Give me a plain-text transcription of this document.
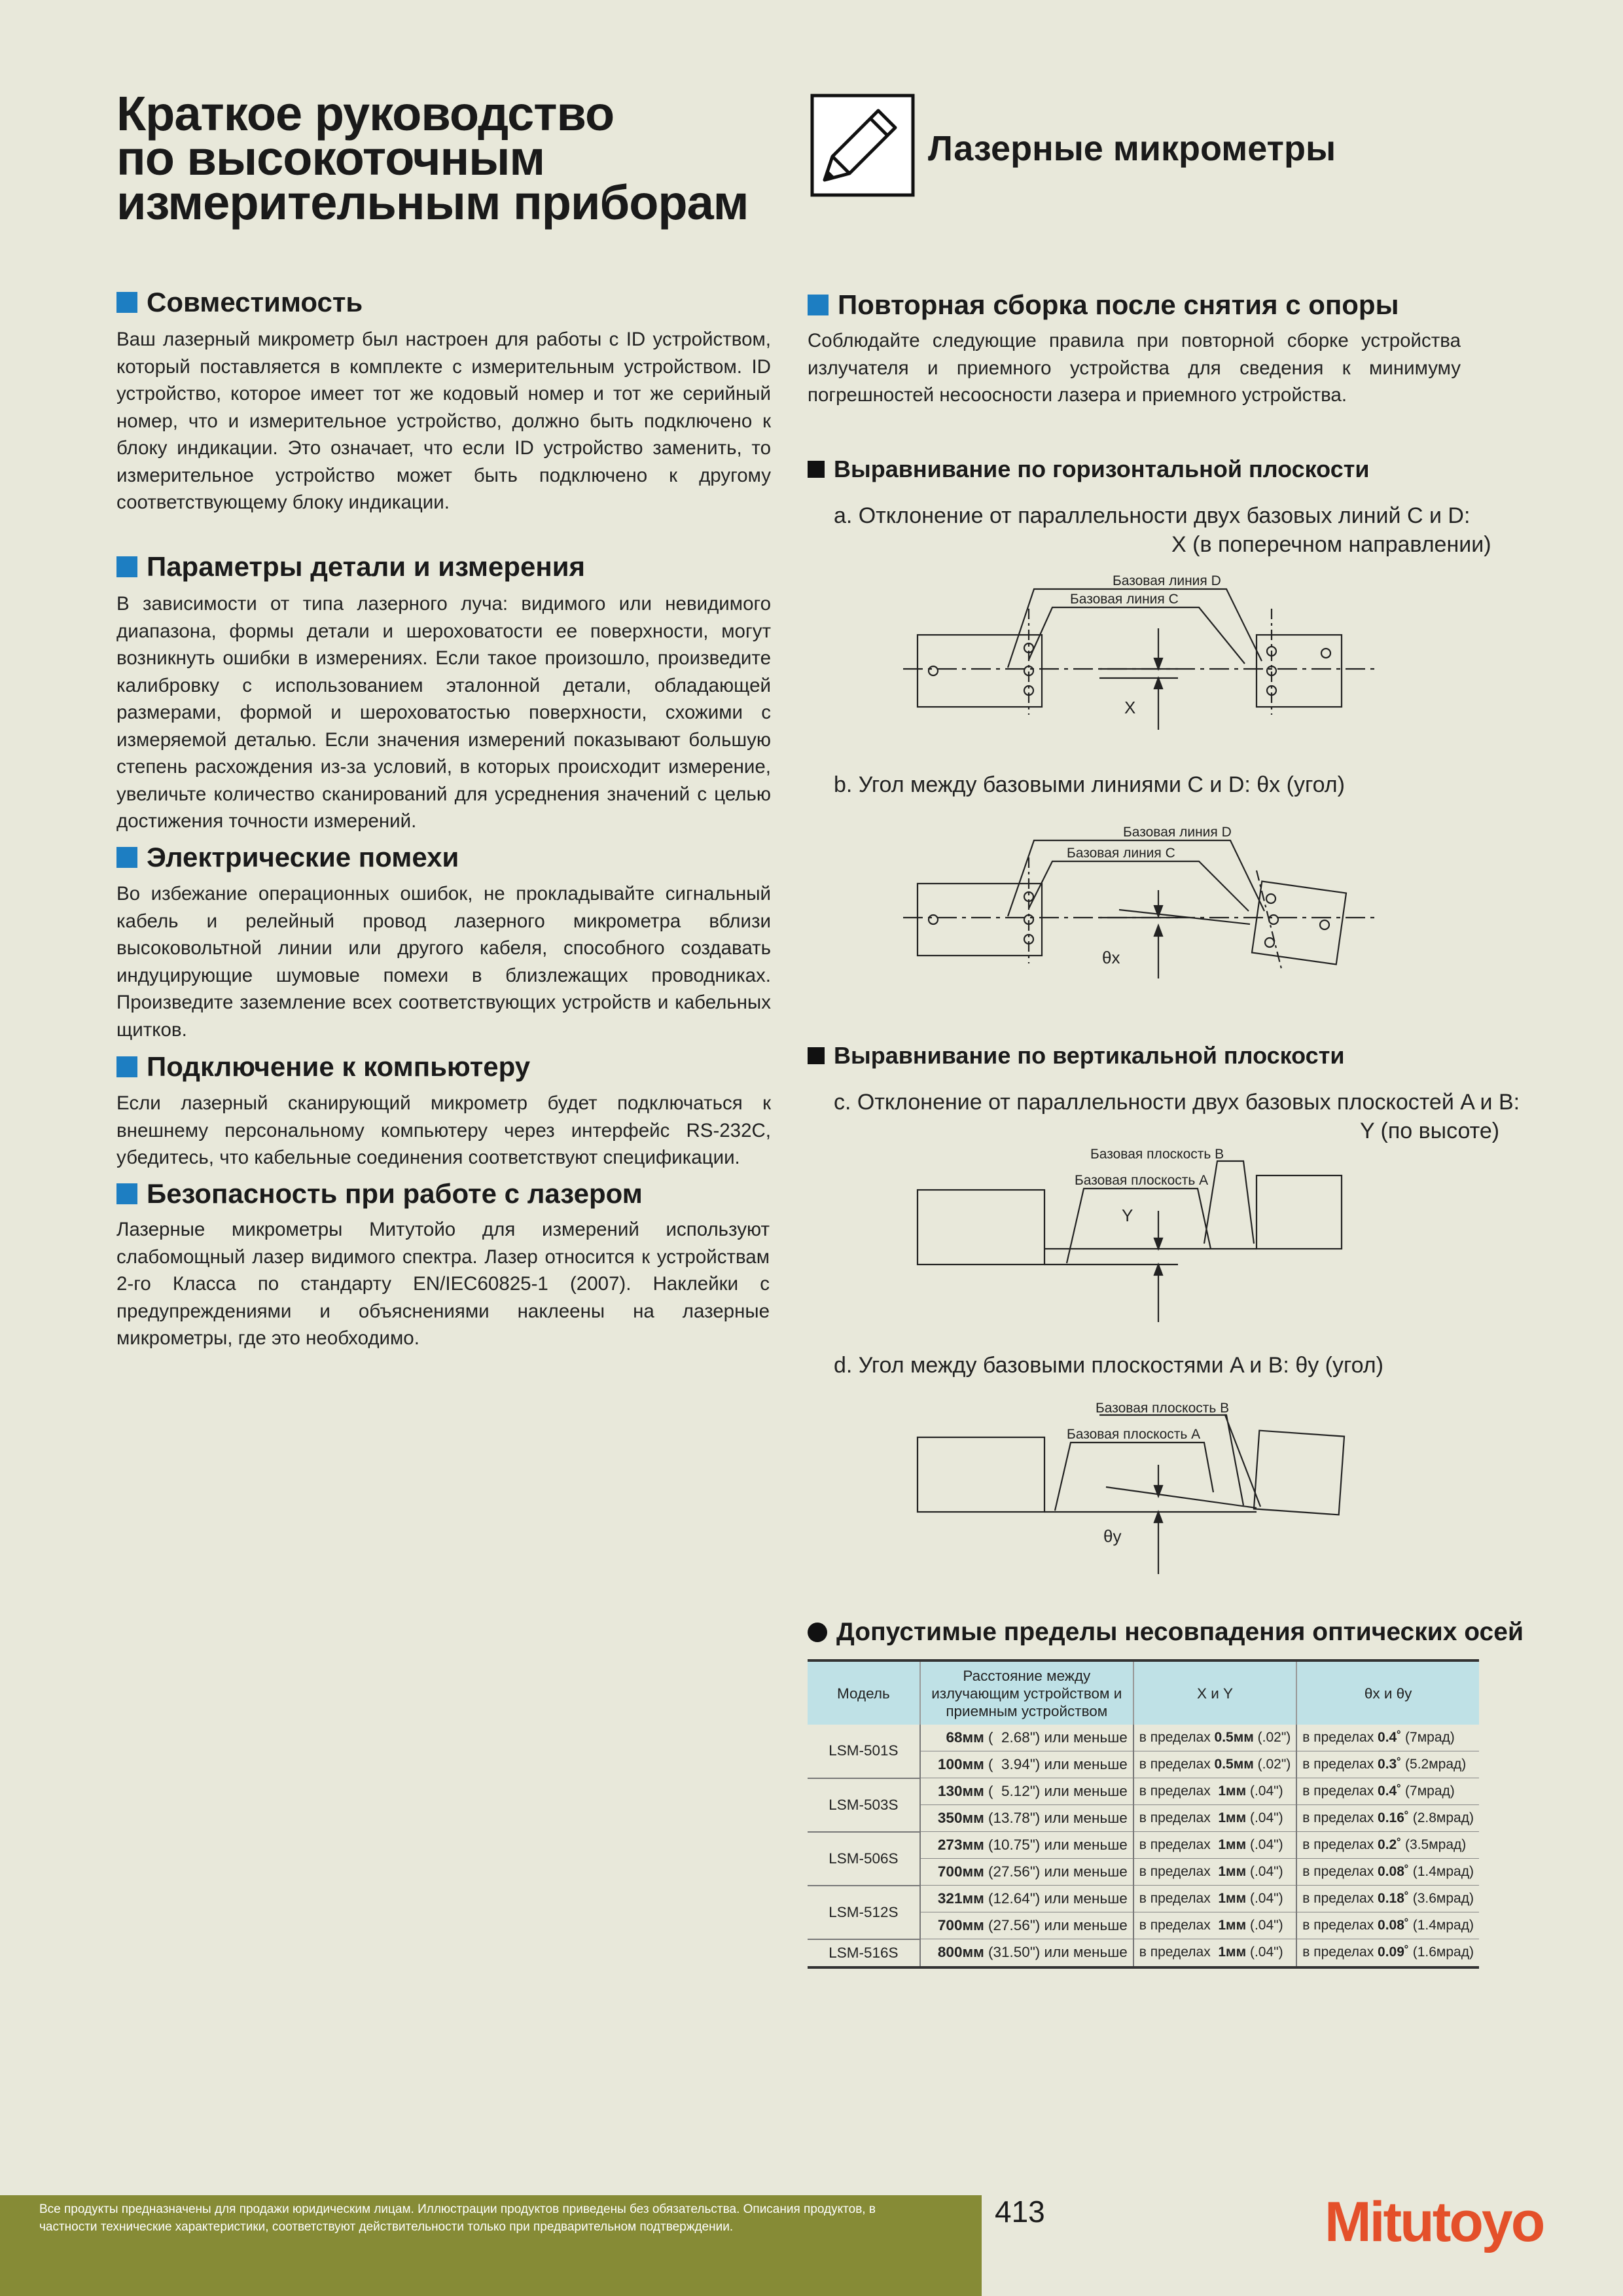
Краткое руководство
по высокоточным
измерительным приборам
Лазерные микрометры
Совместимость

Ваш лазерный микрометр был настроен для работы с ID устройством, который поставляется в комплекте с измерительным устройством. ID устройство, которое имеет тот же кодовый номер и тот же серийный номер, что и измерительное устройство, должно быть подключено к блоку индикации. Это означает, что если ID устройство заменить, то измерительное устройство может быть подключено к другому соответствующему блоку индикации.

Параметры детали и измерения

В зависимости от типа лазерного луча: видимого или невидимого диапазона, формы детали и шероховатости ее поверхности, могут возникнуть ошибки в измерениях. Если такое произошло, произведите калибровку с использованием эталонной детали, обладающей размерами, формой и шероховатостью поверхности, схожими с измеряемой деталью. Если значения измерений показывают большую степень расхождения из-за условий, в которых происходит измерение, увеличьте количество сканирований для усреднения значений с целью достижения точности измерений.

Электрические помехи

Во избежание операционных ошибок, не прокладывайте сигнальный кабель и релейный провод лазерного микрометра вблизи высоковольтной линии или другого кабеля, способного создавать индуцирующие шумовые помехи в близлежащих проводниках. Произведите заземление всех соответствующих устройств и кабельных щитков.

Подключение к компьютеру

Если лазерный сканирующий микрометр будет подключаться к внешнему персональному компьютеру через интерфейс RS-232C, убедитесь, что кабельные соединения соответствуют спецификации.

Безопасность при работе с лазером

Лазерные микрометры Митутойо для измерений используют слабомощный лазер видимого спектра. Лазер относится к устройствам 2-го Класса по стандарту EN/IEC60825-1 (2007). Наклейки с предупреждениями и объяснениями наклеены на лазерные микрометры, где это необходимо.

Повторная сборка после снятия с опоры

Соблюдайте следующие правила при повторной сборке устройства излучателя и приемного устройства для сведения к минимуму погрешностей несоосности лазера и приемного устройства.

Выравнивание по горизонтальной плоскости

a. Отклонение от параллельности двух базовых линий C и D:

X (в поперечном направлении)

Базовая линия D
Базовая линия C
X

b. Угол между базовыми линиями C и D: θx (угол)

Базовая линия D
Базовая линия C
θx
Выравнивание по вертикальной плоскости

c. Отклонение от параллельности двух базовых плоскостей A и B:

Y (по высоте)

Базовая плоскость B
Базовая плоскость A
Y

d. Угол между базовыми плоскостями A и B: θy (угол)

Базовая плоскость B
Базовая плоскость A
θy
Допустимые пределы несовпадения оптических осей
Модель	Расстояние между излучающим устройством и приемным устройством	X и Y	θx и θy
LSM-501S	68мм (  2.68") или меньше	в пределах 0.5мм (.02")	в пределах 0.4˚ (7мрад)
	100мм (  3.94") или меньше	в пределах 0.5мм (.02")	в пределах 0.3˚ (5.2мрад)
LSM-503S	130мм (  5.12") или меньше	в пределах  1мм (.04")	в пределах 0.4˚ (7мрад)
	350мм (13.78") или меньше	в пределах  1мм (.04")	в пределах 0.16˚ (2.8мрад)
LSM-506S	273мм (10.75") или меньше	в пределах  1мм (.04")	в пределах 0.2˚ (3.5мрад)
	700мм (27.56") или меньше	в пределах  1мм (.04")	в пределах 0.08˚ (1.4мрад)
LSM-512S	321мм (12.64") или меньше	в пределах  1мм (.04")	в пределах 0.18˚ (3.6мрад)
	700мм (27.56") или меньше	в пределах  1мм (.04")	в пределах 0.08˚ (1.4мрад)
LSM-516S	800мм (31.50") или меньше	в пределах  1мм (.04")	в пределах 0.09˚ (1.6мрад)

Все продукты предназначены для продажи юридическим лицам. Иллюстрации продуктов приведены без обязательства. Описания продуктов, в частности технические характеристики, соответствуют действительности только при предварительном подтверждении.	413	Mitutoyo
